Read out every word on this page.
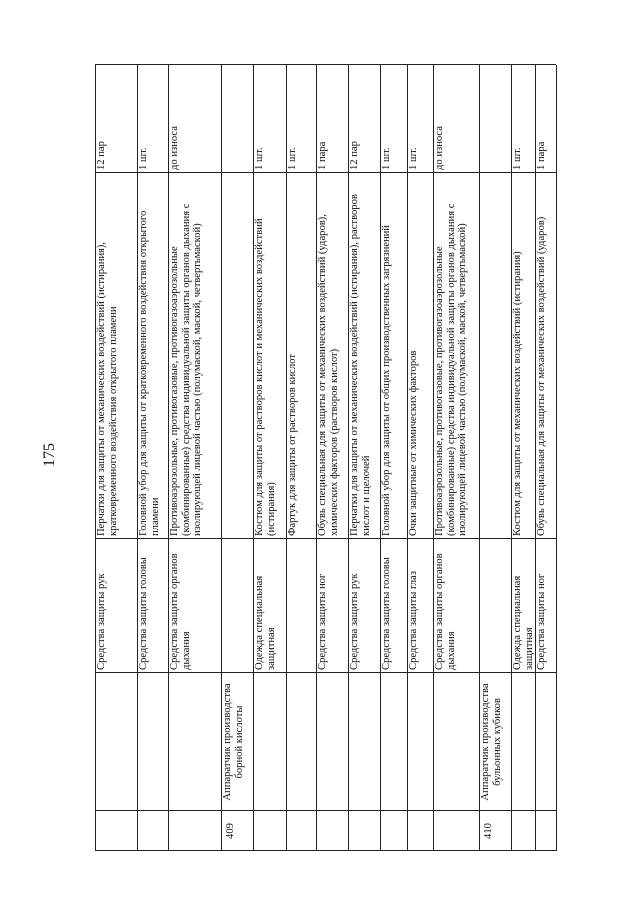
175
Средства защиты рук
Перчатки для защиты от механических воздействий (истирания), кратковременного воздействия открытого пламени
12 пар
Средства защиты головы
Головной убор для защиты от кратковременного воздействия открытого пламени
1 шт.
Средства защиты органов дыхания
Противоаэрозольные, противогазовые, противогазоаэрозольные (комбинированные) средства индивидуальной защиты органов дыхания с изолирующей лицевой частью (полумаской, маской, четвертьмаской)
до износа
409
Аппаратчик производства борной кислоты
Одежда специальная защитная
Костюм для защиты от растворов кислот и механических воздействий (истирания)
1 шт.
Фартук для защиты от растворов кислот
1 шт.
Средства защиты ног
Обувь специальная для защиты от механических воздействий (ударов), химических факторов (растворов кислот)
1 пара
Средства защиты рук
Перчатки для защиты от механических воздействий (истирания), растворов кислот и щелочей
12 пар
Средства защиты головы
Головной убор для защиты от общих производственных загрязнений
1 шт.
Средства защиты глаз
Очки защитные от химических факторов
1 шт.
Средства защиты органов дыхания
Противоаэрозольные, противогазовые, противогазоаэрозольные (комбинированные) средства индивидуальной защиты органов дыхания с изолирующей лицевой частью (полумаской, маской, четвертьмаской)
до износа
410
Аппаратчик производства бульонных кубиков
Одежда специальная защитная
Костюм для защиты от механических воздействий (истирания)
1 шт.
Средства защиты ног
Обувь специальная для защиты от механических воздействий (ударов)
1 пара
